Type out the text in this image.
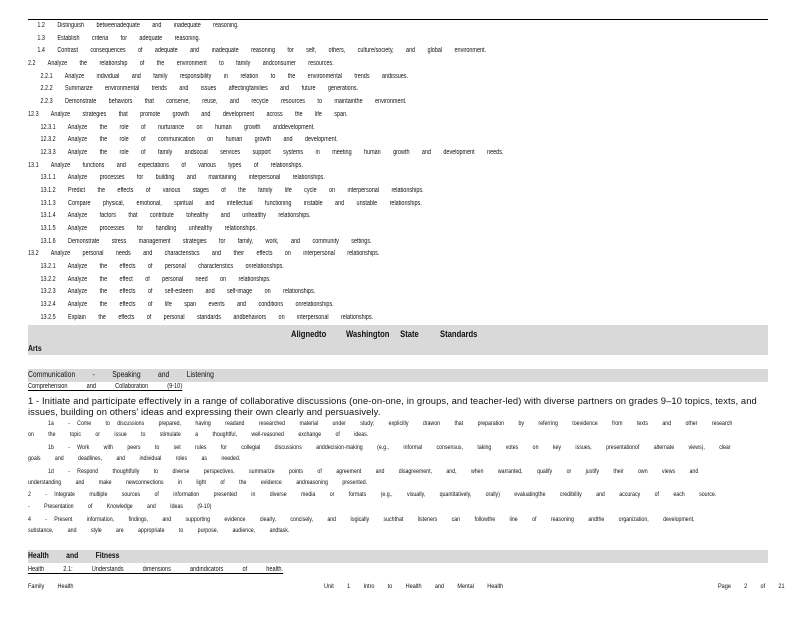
1.2  Distinguish  betweenadequate  and  inadequate  reasoning.
1.3  Establish  criteria  for  adequate  reasoning.
1.4  Contrast  consequences  of  adequate  and  inadequate  reasoning  for  self,  others,  culture/society,  and  global  environment.
2.2  Analyze  the  relationship  of  the  environment  to  family  andconsumer  resources.
2.2.1  Analyze  individual  and  family  responsibility  in  relation  to  the  environmental  trends  andissues.
2.2.2  Summarize  environmental  trends  and  issues  affectingfamilies  and  future  generations.
2.2.3  Demonstrate  behaviors  that  conserve,  reuse,  and  recycle  resources  to  maintainthe  environment.
12.3  Analyze  strategies  that  promote  growth  and  development  across  the  life  span.
12.3.1  Analyze  the  role  of  nurturance  on  human  growth  anddevelopment.
12.3.2  Analyze  the  role  of  communication  on  human  growth  and  development.
12.3.3  Analyze  the  role  of  family  andsocial  services  support  systems  in  meeting  human  growth  and  development  needs.
13.1  Analyze  functions  and  expectations  of  various  types  of  relationships.
13.1.1  Analyze  processes  for  building  and  maintaining  interpersonal  relationships.
13.1.2  Predict  the  effects  of  various  stages  of  the  family  life  cycle  on  interpersonal  relationships.
13.1.3  Compare  physical,  emotional,  spiritual  and  intellectual  functioning  instable  and  unstable  relationships.
13.1.4  Analyze  factors  that  contribute  tohealthy  and  unhealthy  relationships.
13.1.5  Analyze  processes  for  handling  unhealthy  relationships.
13.1.6  Demonstrate  stress  management  strategies  for  family,  work,  and  community  settings.
13.2  Analyze  personal  needs  and  characteristics  and  their  effects  on  interpersonal  relationships.
13.2.1  Analyze  the  effects  of  personal  characteristics  onrelationships.
13.2.2  Analyze  the  effect  of  personal  need  on  relationships.
13.2.3  Analyze  the  effects  of  self-esteem  and  self-image  on  relationships.
13.2.4  Analyze  the  effects  of  life  span  events  and  conditions  onrelationships.
13.2.5  Explain  the  effects  of  personal  standards  andbehaviors  on  interpersonal  relationships.
Alignedto Washington State Standards
Arts
Communication  -  Speaking  and  Listening
Comprehension  and  Collaboration  (9-10)
1 - Initiate and participate effectively in a range of collaborative discussions (one-on-one, in groups, and teacher-led) with diverse partners on grades 9–10 topics, texts, and issues, building on others' ideas and expressing their own clearly and persuasively.
1a  - Come  to discussions  prepared,  having  readand  researched  material  under  study;  explicitly  drawon  that  preparation  by  referring  toevidence  from  texts  and  other  research
on  the  topic  or  issue  to  stimulate  a  thoughtful,  well-reasoned  exchange  of  ideas.
1b  - Work  with  peers  to  set  rules  for  collegial  discussions  anddecision-making  (e.g.,  informal  consensus,  taking  votes  on  key  issues,  presentationof  alternate  views),  clear
goals  and  deadlines,  and  individual  roles  as  needed.
1d  - Respond  thoughtfully  to  diverse  perspectives,  summarize  points  of  agreement  and  disagreement,  and,  when  warranted,  qualify  or  justify  their  own  views  and
understanding  and  make  newconnections  in  light  of  the  evidence  andreasoning  presented.
2  - Integrate  multiple  sources  of  information  presented  in  diverse  media  or  formats  (e.g.,  visually,  quantitatively,  orally)  evaluatingthe  credibility  and  accuracy  of  each  source.
-  Presentation  of  Knowledge  and  Ideas  (9-10)
4  - Present  information,  findings,  and  supporting  evidence  clearly,  concisely,  and  logically  suchthat  listeners  can  followthe  line  of  reasoning  andthe  organization,  development,
substance,  and  style  are  appropriate  to  purpose,  audience,  andtask.
Health  and  Fitness
Health  2.1:  Understands  dimensions  andindicators  of  health.
Family  Health	Unit  1  Intro  to  Health  and  Mental  Health	Page  2  of  21
